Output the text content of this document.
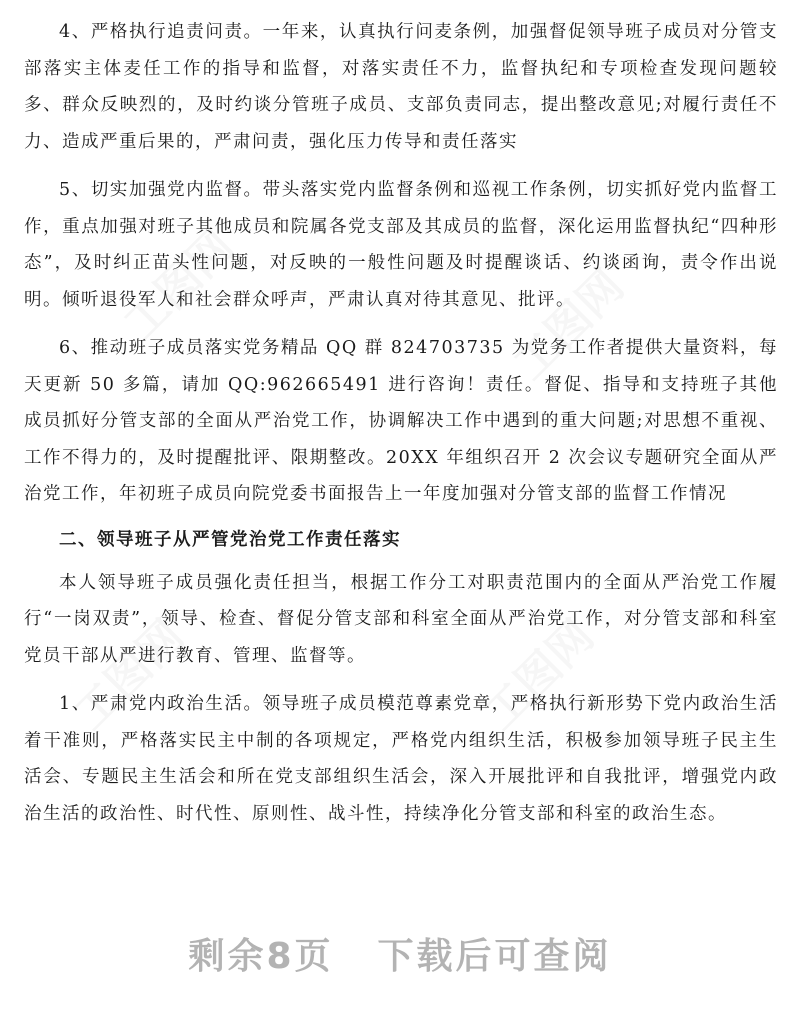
4、严格执行追责问责。一年来，认真执行问麦条例，加强督促领导班子成员对分管支部落实主体麦任工作的指导和监督，对落实责任不力，监督执纪和专项检查发现问题较多、群众反映烈的，及时约谈分管班子成员、支部负责同志，提出整改意见;对履行责任不力、造成严重后果的，严肃问责，强化压力传导和责任落实

5、切实加强党内监督。带头落实党内监督条例和巡视工作条例，切实抓好党内监督工作，重点加强对班子其他成员和院属各党支部及其成员的监督，深化运用监督执纪“四种形态”，及时纠正苗头性问题，对反映的一般性问题及时提醒谈话、约谈函询，责令作出说明。倾听退役军人和社会群众呼声，严肃认真对待其意见、批评。

6、推动班子成员落实党务精品 QQ 群 824703735 为党务工作者提供大量资料，每天更新 50 多篇，请加 QQ:962665491 进行咨询！责任。督促、指导和支持班子其他成员抓好分管支部的全面从严治党工作，协调解决工作中遇到的重大问题;对思想不重视、工作不得力的，及时提醒批评、限期整改。20XX 年组织召开 2 次会议专题研究全面从严治党工作，年初班子成员向院党委书面报告上一年度加强对分管支部的监督工作情况

二、领导班子从严管党治党工作责任落实

本人领导班子成员强化责任担当，根据工作分工对职责范围内的全面从严治党工作履行“一岗双责”，领导、检查、督促分管支部和科室全面从严治党工作，对分管支部和科室党员干部从严进行教育、管理、监督等。

1、严肃党内政治生活。领导班子成员模范尊素党章，严格执行新形势下党内政治生活着干准则，严格落实民主中制的各项规定，严格党内组织生活，积极参加领导班子民主生活会、专题民主生活会和所在党支部组织生活会，深入开展批评和自我批评，增强党内政治生活的政治性、时代性、原则性、战斗性，持续净化分管支部和科室的政治生态。

剩余8页 下载后可查阅
